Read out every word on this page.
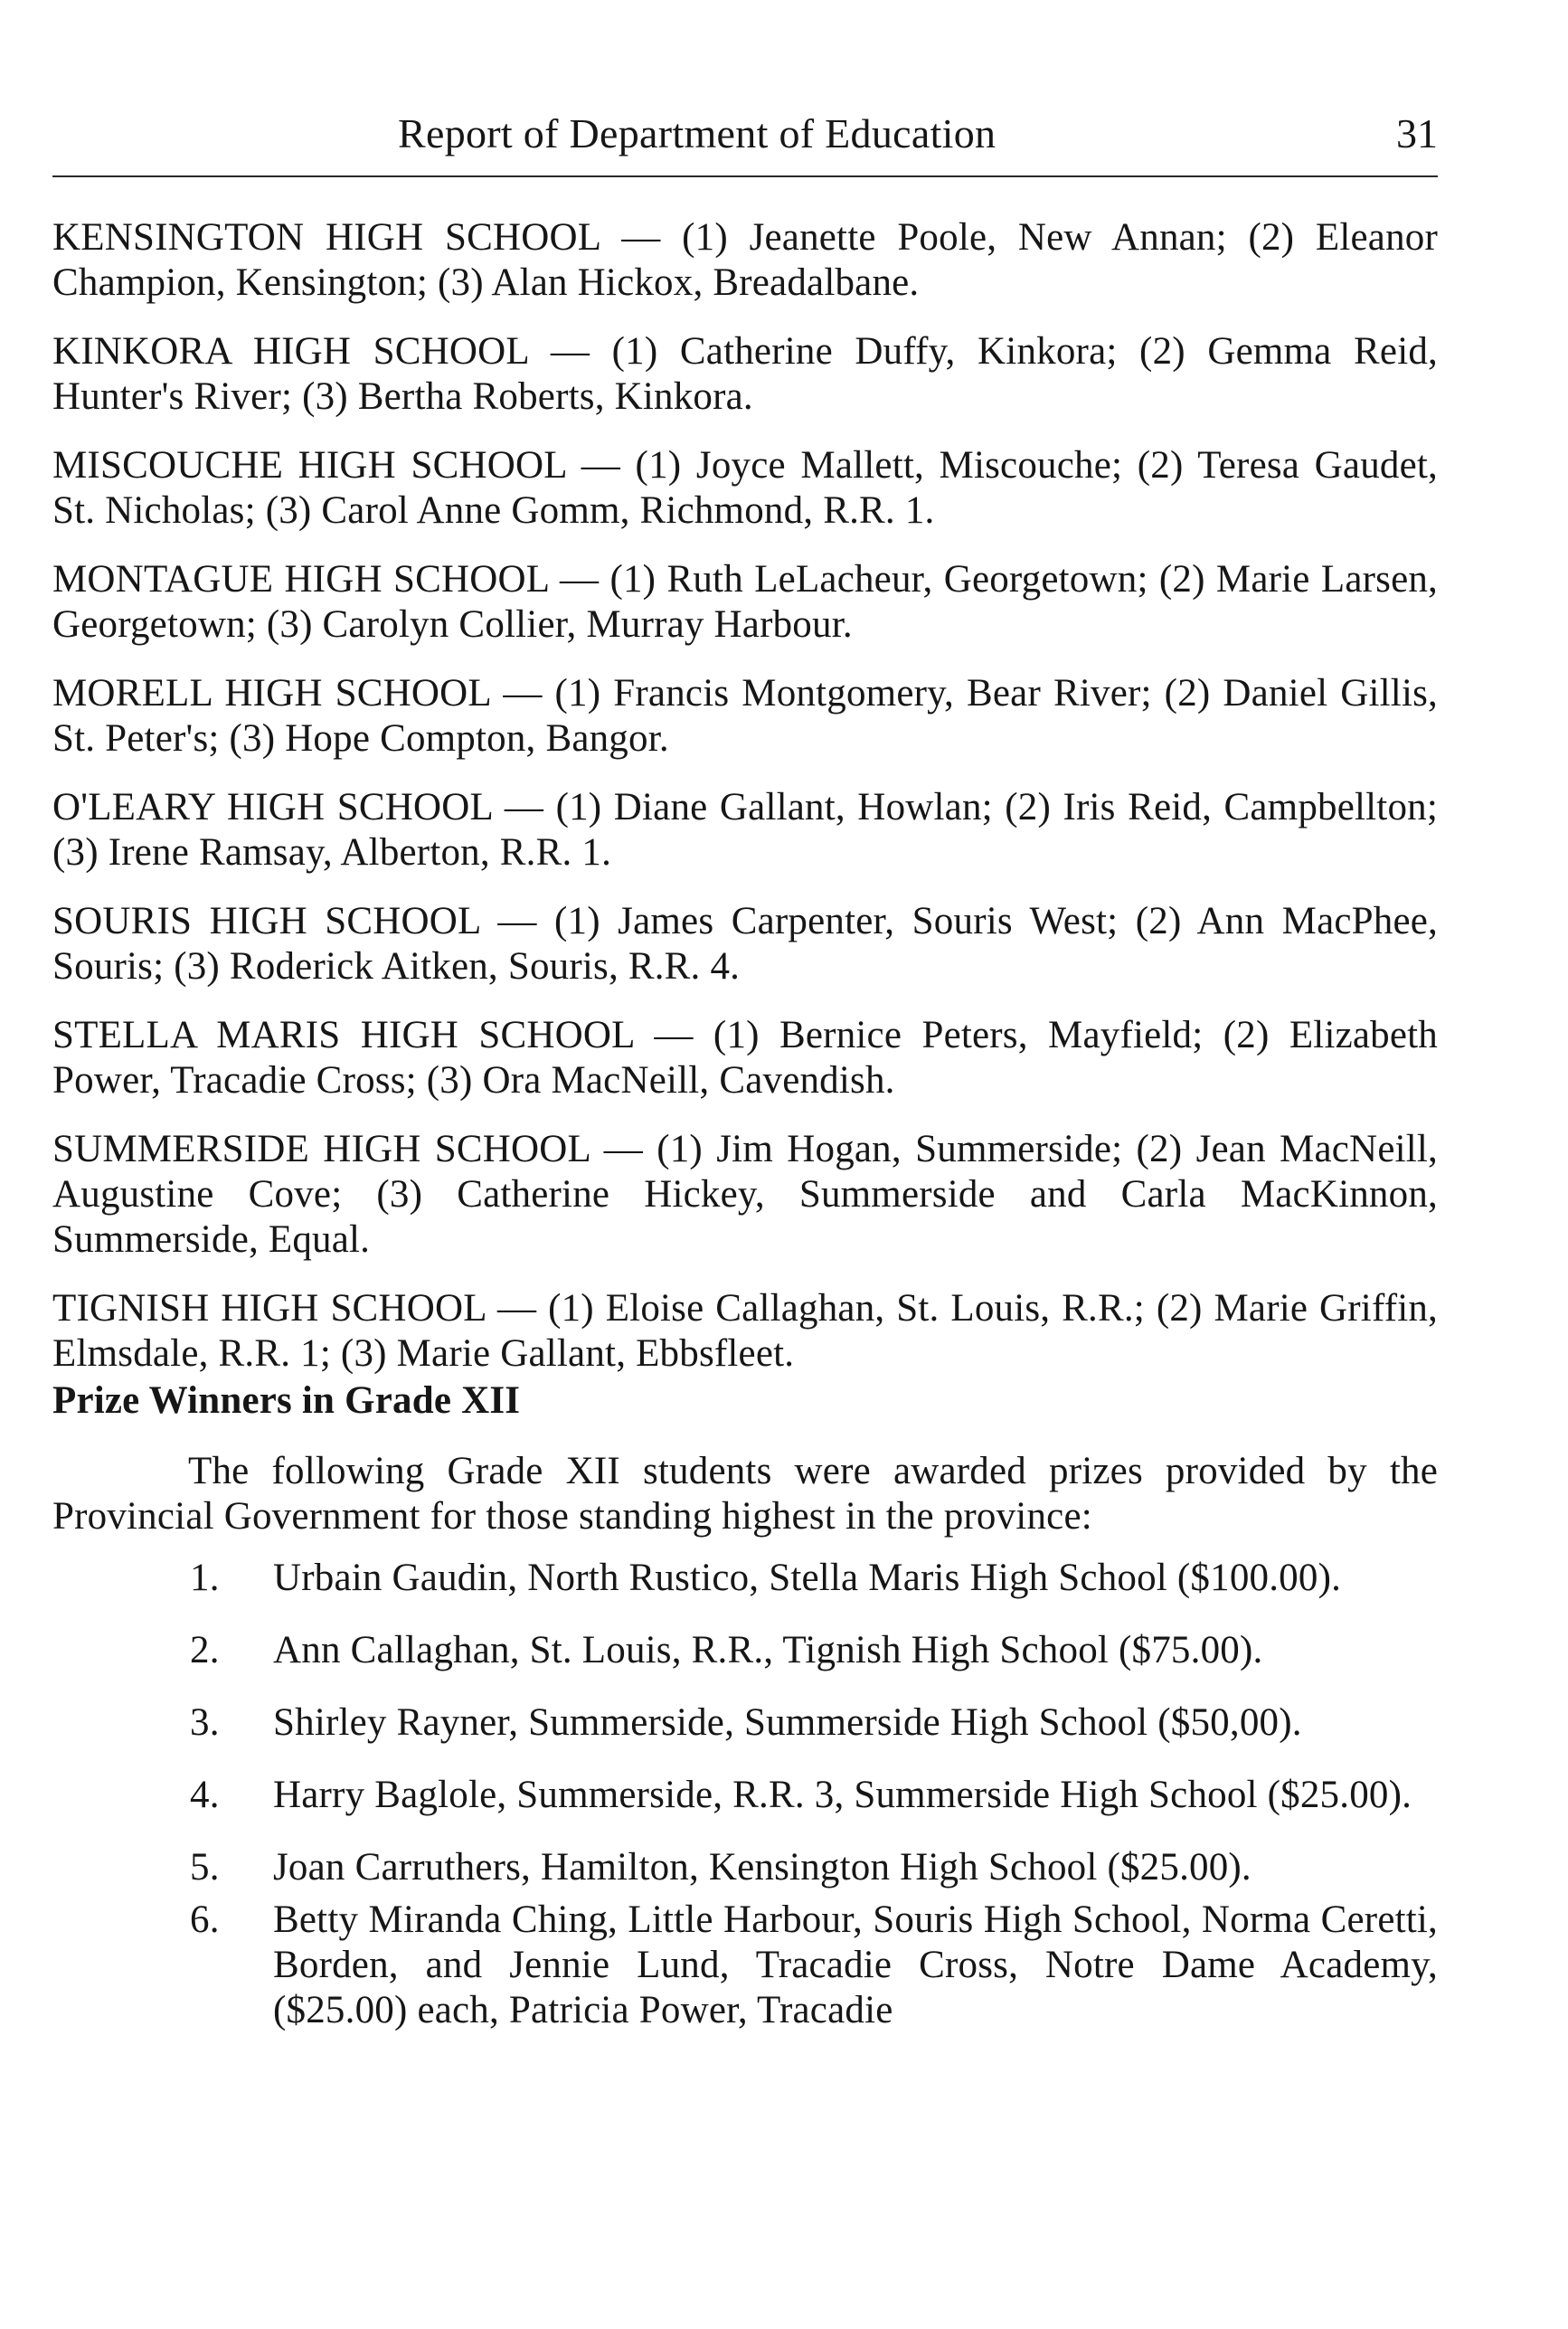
Report of Department of Education	31

KENSINGTON HIGH SCHOOL — (1) Jeanette Poole, New Annan; (2) Eleanor Champion, Kensington; (3) Alan Hickox, Breadalbane.

KINKORA HIGH SCHOOL — (1) Catherine Duffy, Kinkora; (2) Gemma Reid, Hunter's River; (3) Bertha Roberts, Kinkora.

MISCOUCHE HIGH SCHOOL — (1) Joyce Mallett, Miscouche; (2) Teresa Gaudet, St. Nicholas; (3) Carol Anne Gomm, Richmond, R.R. 1.

MONTAGUE HIGH SCHOOL — (1) Ruth LeLacheur, Georgetown; (2) Marie Larsen, Georgetown; (3) Carolyn Collier, Murray Harbour.

MORELL HIGH SCHOOL — (1) Francis Montgomery, Bear River; (2) Daniel Gillis, St. Peter's; (3) Hope Compton, Bangor.

O'LEARY HIGH SCHOOL — (1) Diane Gallant, Howlan; (2) Iris Reid, Campbellton; (3) Irene Ramsay, Alberton, R.R. 1.

SOURIS HIGH SCHOOL — (1) James Carpenter, Souris West; (2) Ann MacPhee, Souris; (3) Roderick Aitken, Souris, R.R. 4.

STELLA MARIS HIGH SCHOOL — (1) Bernice Peters, Mayfield; (2) Elizabeth Power, Tracadie Cross; (3) Ora MacNeill, Cavendish.

SUMMERSIDE HIGH SCHOOL — (1) Jim Hogan, Summerside; (2) Jean MacNeill, Augustine Cove; (3) Catherine Hickey, Summerside and Carla MacKinnon, Summerside, Equal.

TIGNISH HIGH SCHOOL — (1) Eloise Callaghan, St. Louis, R.R.; (2) Marie Griffin, Elmsdale, R.R. 1; (3) Marie Gallant, Ebbsfleet.

Prize Winners in Grade XII

The following Grade XII students were awarded prizes provided by the Provincial Government for those standing highest in the province:

1. Urbain Gaudin, North Rustico, Stella Maris High School ($100.00).
2. Ann Callaghan, St. Louis, R.R., Tignish High School ($75.00).
3. Shirley Rayner, Summerside, Summerside High School ($50,00).
4. Harry Baglole, Summerside, R.R. 3, Summerside High School ($25.00).
5. Joan Carruthers, Hamilton, Kensington High School ($25.00).
6. Betty Miranda Ching, Little Harbour, Souris High School, Norma Ceretti, Borden, and Jennie Lund, Tracadie Cross, Notre Dame Academy, ($25.00) each, Patricia Power, Tracadie
